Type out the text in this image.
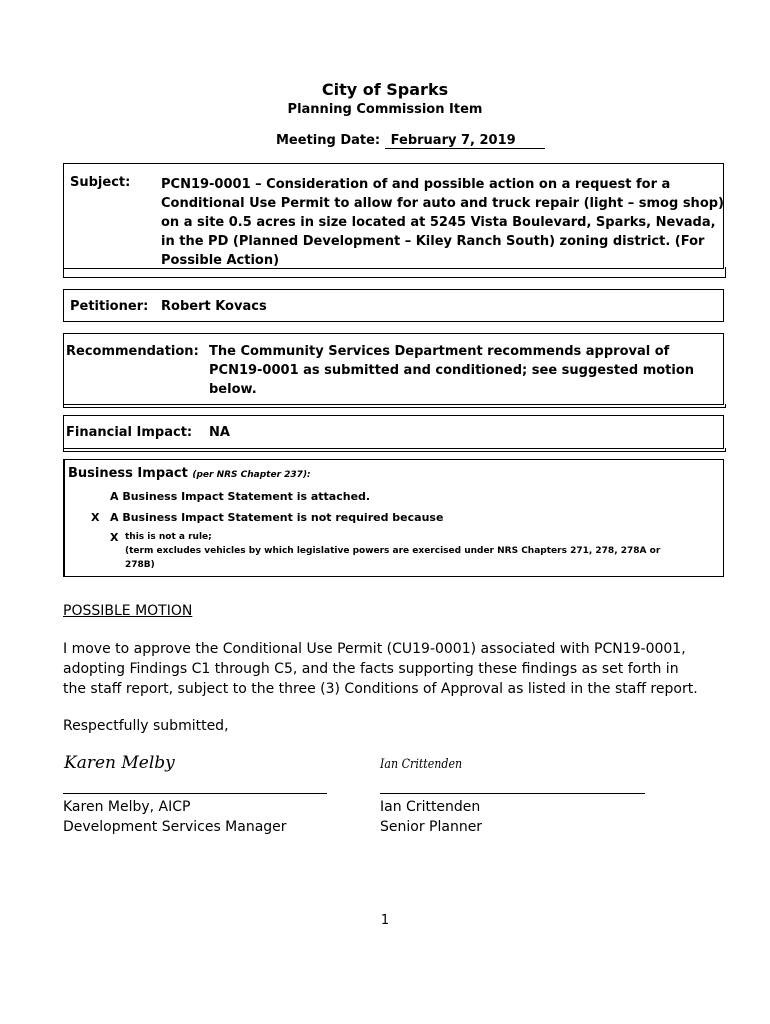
City of Sparks
Planning Commission Item
Meeting Date: February 7, 2019
Subject: PCN19-0001 – Consideration of and possible action on a request for a
Conditional Use Permit to allow for auto and truck repair (light – smog shop)
on a site 0.5 acres in size located at 5245 Vista Boulevard, Sparks, Nevada,
in the PD (Planned Development – Kiley Ranch South) zoning district. (For
Possible Action)
Petitioner: Robert Kovacs
Recommendation: The Community Services Department recommends approval of
PCN19-0001 as submitted and conditioned; see suggested motion
below.
Financial Impact: NA
Business Impact (per NRS Chapter 237):
A Business Impact Statement is attached.
X A Business Impact Statement is not required because
X this is not a rule;
(term excludes vehicles by which legislative powers are exercised under NRS Chapters 271, 278, 278A or
278B)
POSSIBLE MOTION
I move to approve the Conditional Use Permit (CU19-0001) associated with PCN19-0001,
adopting Findings C1 through C5, and the facts supporting these findings as set forth in
the staff report, subject to the three (3) Conditions of Approval as listed in the staff report.
Respectfully submitted,
Karen Melby
Karen Melby, AICP
Development Services Manager
Ian Crittenden
Ian Crittenden
Senior Planner
1
